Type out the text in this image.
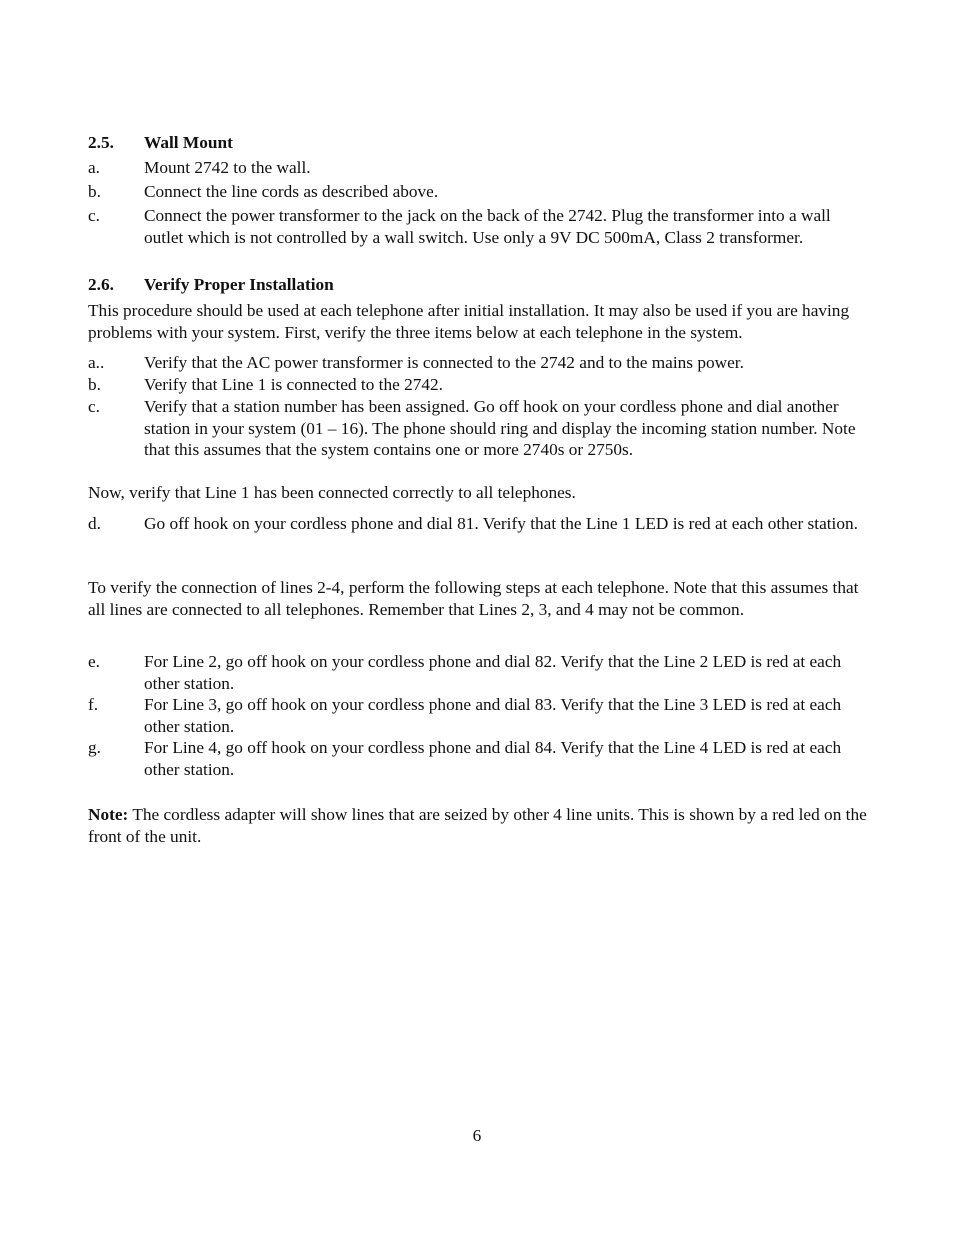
2.5. Wall Mount
a.	Mount 2742 to the wall.
b. Connect the line cords as described above.
c.	Connect the power transformer to the jack on the back of the 2742. Plug the transformer into a wall outlet which is not controlled by a wall switch. Use only a 9V DC 500mA, Class 2 transformer.
2.6. Verify Proper Installation
This procedure should be used at each telephone after initial installation. It may also be used if you are having problems with your system. First, verify the three items below at each telephone in the system.
a.. Verify that the AC power transformer is connected to the 2742 and to the mains power.
b. Verify that Line 1 is connected to the 2742.
c.	Verify that a station number has been assigned. Go off hook on your cordless phone and dial another station in your system (01 – 16). The phone should ring and display the incoming station number. Note that this assumes that the system contains one or more 2740s or 2750s.
Now, verify that Line 1 has been connected correctly to all telephones.
d. Go off hook on your cordless phone and dial 81. Verify that the Line 1 LED is red at each other station.
To verify the connection of lines 2-4, perform the following steps at each telephone. Note that this assumes that all lines are connected to all telephones. Remember that Lines 2, 3, and 4 may not be common.
e.	For Line 2, go off hook on your cordless phone and dial 82. Verify that the Line 2 LED is red at each other station.
f.	For Line 3, go off hook on your cordless phone and dial 83. Verify that the Line 3 LED is red at each other station.
g. For Line 4, go off hook on your cordless phone and dial 84. Verify that the Line 4 LED is red at each other station.
Note: The cordless adapter will show lines that are seized by other 4 line units. This is shown by a red led on the front of the unit.
6
